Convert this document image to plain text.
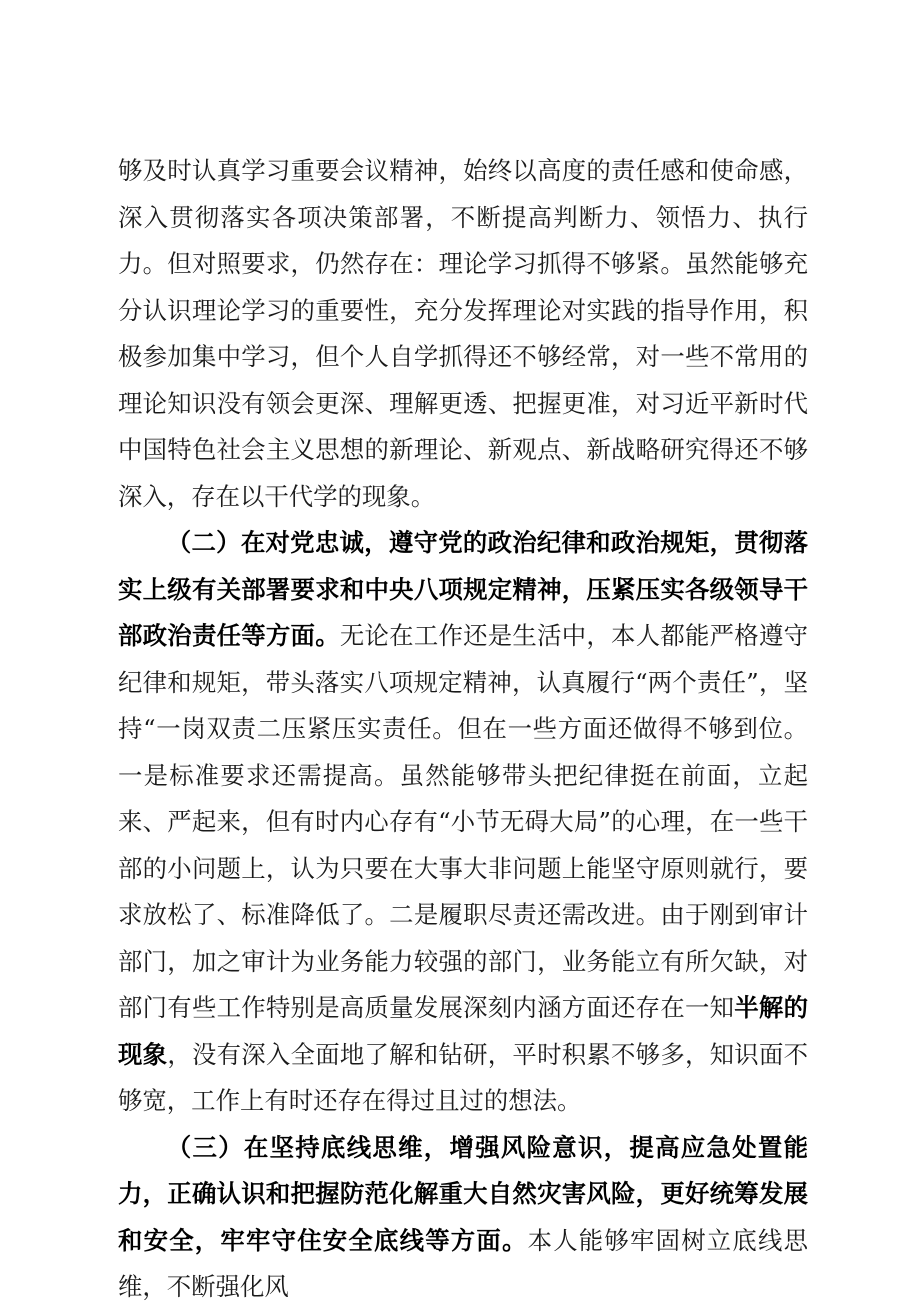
够及时认真学习重要会议精神，始终以高度的责任感和使命感，深入贯彻落实各项决策部署，不断提高判断力、领悟力、执行力。但对照要求，仍然存在：理论学习抓得不够紧。虽然能够充分认识理论学习的重要性，充分发挥理论对实践的指导作用，积极参加集中学习，但个人自学抓得还不够经常，对一些不常用的理论知识没有领会更深、理解更透、把握更准，对习近平新时代中国特色社会主义思想的新理论、新观点、新战略研究得还不够深入，存在以干代学的现象。

（二）在对党忠诚，遵守党的政治纪律和政治规矩，贯彻落实上级有关部署要求和中央八项规定精神，压紧压实各级领导干部政治责任等方面。无论在工作还是生活中，本人都能严格遵守纪律和规矩，带头落实八项规定精神，认真履行“两个责任”，坚持“一岗双责二压紧压实责任。但在一些方面还做得不够到位。一是标准要求还需提高。虽然能够带头把纪律挺在前面，立起来、严起来，但有时内心存有“小节无碍大局”的心理，在一些干部的小问题上，认为只要在大事大非问题上能坚守原则就行，要求放松了、标准降低了。二是履职尽责还需改进。由于刚到审计部门，加之审计为业务能力较强的部门，业务能立有所欠缺，对部门有些工作特别是高质量发展深刻内涵方面还存在一知半解的现象，没有深入全面地了解和钻研，平时积累不够多，知识面不够宽，工作上有时还存在得过且过的想法。

（三）在坚持底线思维，增强风险意识，提高应急处置能力，正确认识和把握防范化解重大自然灾害风险，更好统筹发展和安全，牢牢守住安全底线等方面。本人能够牢固树立底线思维，不断强化风
